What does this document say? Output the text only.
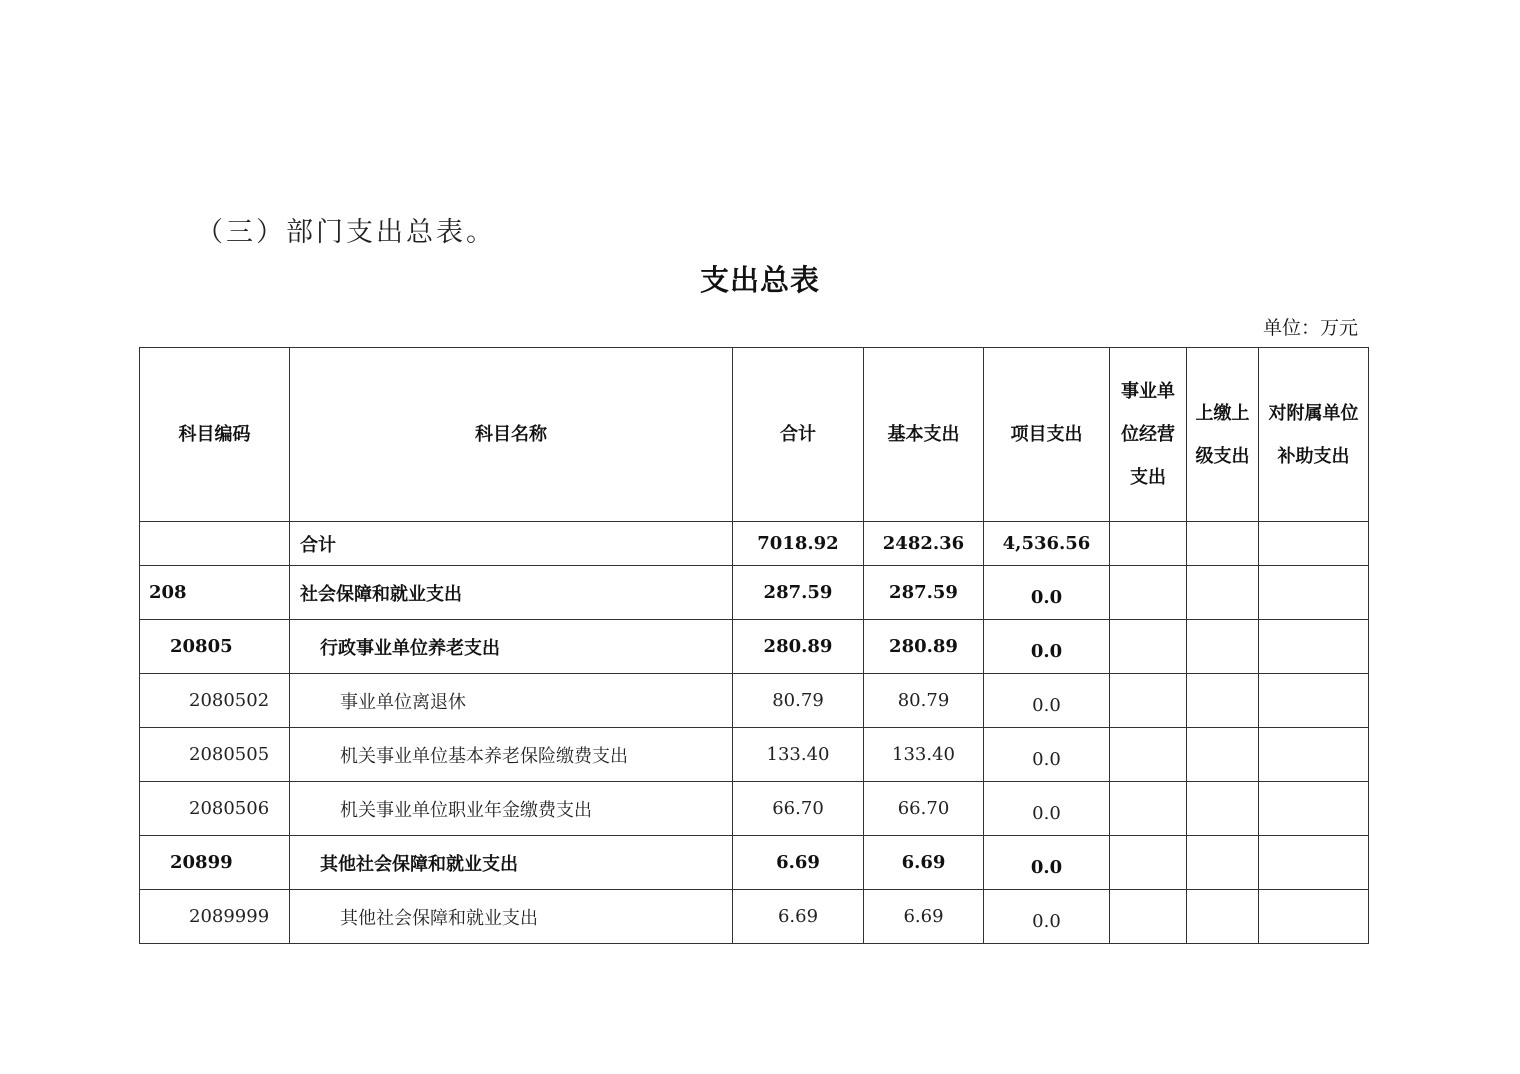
（三）部门支出总表。
支出总表
单位：万元
科目编码	科目名称	合计	基本支出	项目支出	事业单位经营支出	上缴上级支出	对附属单位补助支出
	合计	7018.92	2482.36	4,536.56			
208	社会保障和就业支出	287.59	287.59	0.0			
20805	行政事业单位养老支出	280.89	280.89	0.0			
2080502	事业单位离退休	80.79	80.79	0.0			
2080505	机关事业单位基本养老保险缴费支出	133.40	133.40	0.0			
2080506	机关事业单位职业年金缴费支出	66.70	66.70	0.0			
20899	其他社会保障和就业支出	6.69	6.69	0.0			
2089999	其他社会保障和就业支出	6.69	6.69	0.0			
